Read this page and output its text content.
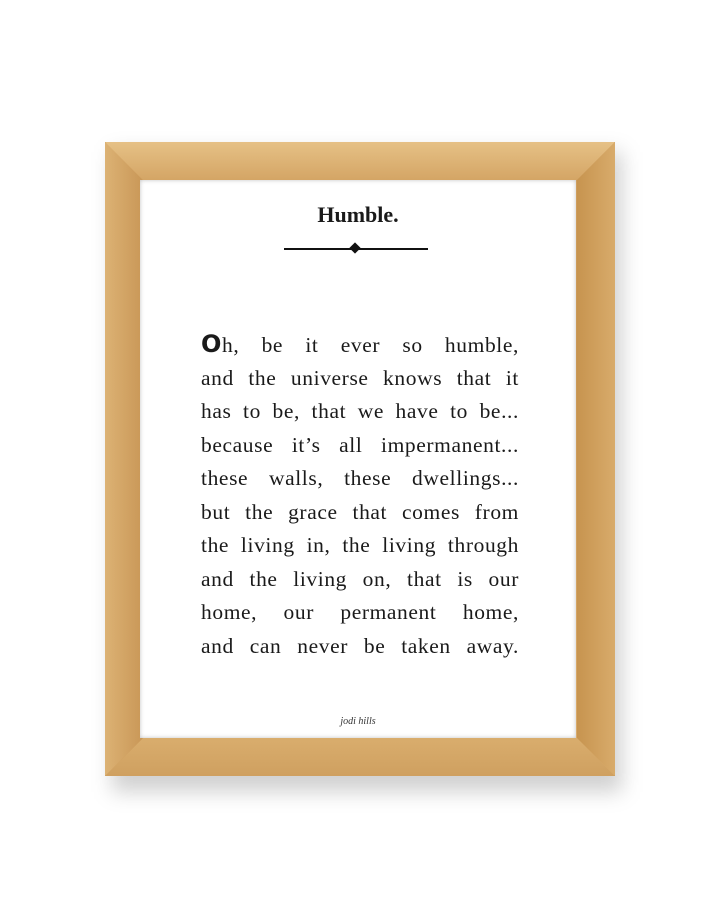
Humble.
Oh, be it ever so humble,
and the universe knows that it
has to be, that we have to be...
because it’s all impermanent...
these walls, these dwellings...
but the grace that comes from
the living in, the living through
and the living on, that is our
home, our permanent home,
and can never be taken away.
jodi hills
